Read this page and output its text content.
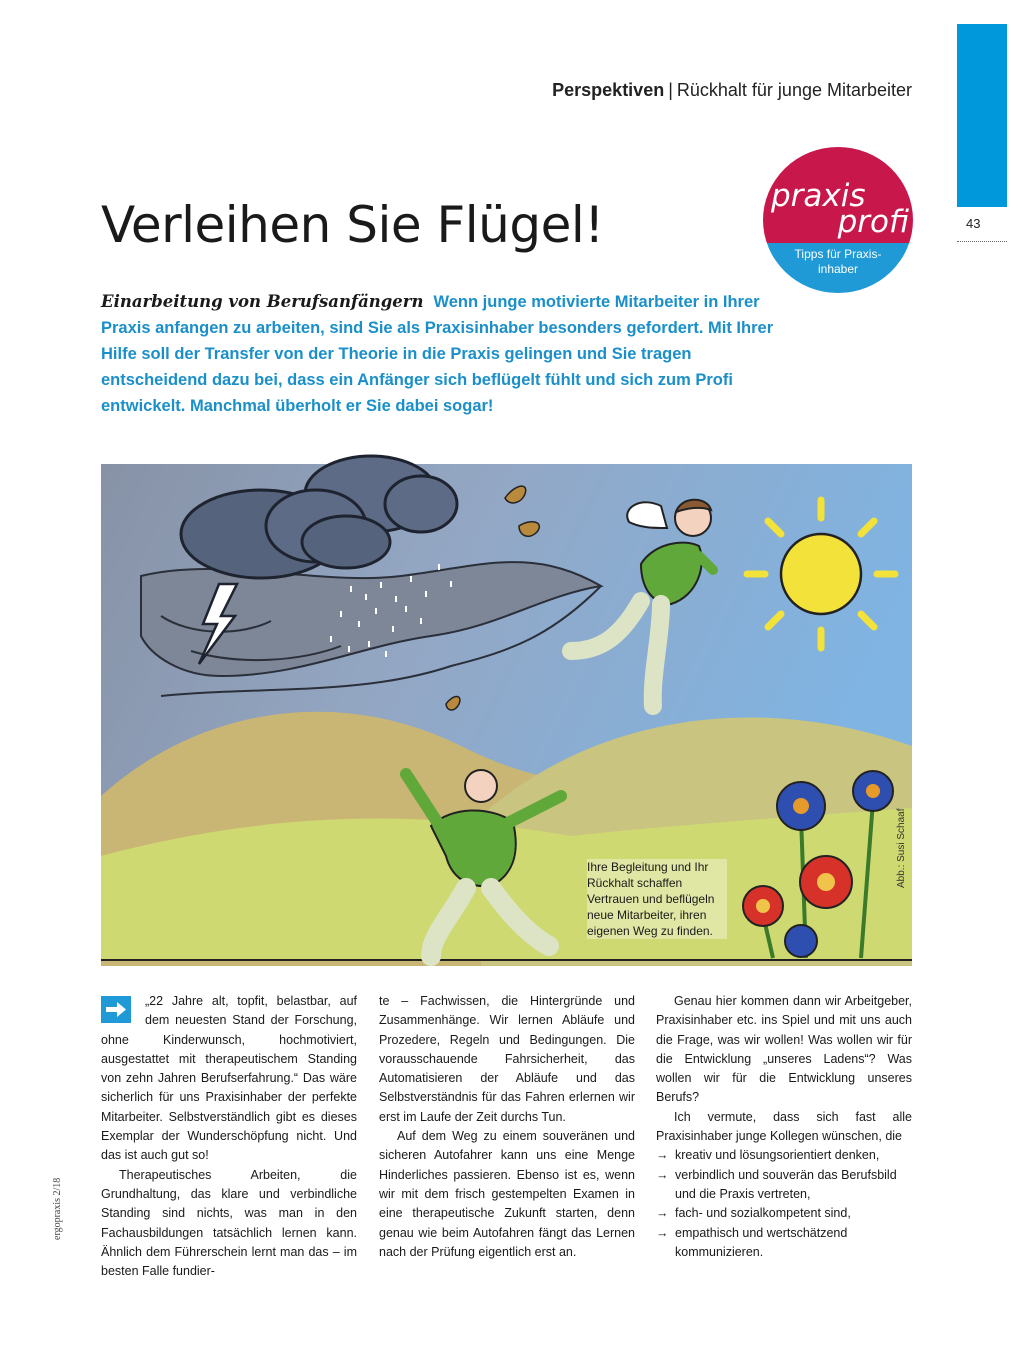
43
Perspektiven | Rückhalt für junge Mitarbeiter
praxis
profi
Tipps für Praxis-
inhaber
Verleihen Sie Flügel!
Einarbeitung von Berufsanfängern Wenn junge motivierte Mitarbeiter in Ihrer Praxis anfangen zu arbeiten, sind Sie als Praxisinhaber besonders gefordert. Mit Ihrer Hilfe soll der Transfer von der Theorie in die Praxis gelingen und Sie tragen entscheidend dazu bei, dass ein Anfänger sich beflügelt fühlt und sich zum Profi entwickelt. Manchmal überholt er Sie dabei sogar!
Ihre Begleitung und Ihr Rückhalt schaffen Vertrauen und beflügeln neue Mitarbeiter, ihren eigenen Weg zu finden.
Abb.: Susi Schaaf

„22 Jahre alt, topfit, belastbar, auf dem neuesten Stand der Forschung, ohne Kinderwunsch, hochmotiviert, ausgestattet mit therapeutischem Standing von zehn Jahren Berufserfahrung.“ Das wäre sicherlich für uns Praxisinhaber der perfekte Mitarbeiter. Selbstverständlich gibt es dieses Exemplar der Wunderschöpfung nicht. Und das ist auch gut so!

Therapeutisches Arbeiten, die Grundhaltung, das klare und verbindliche Standing sind nichts, was man in den Fachausbildungen tatsächlich lernen kann. Ähnlich dem Führerschein lernt man das – im besten Falle fundier-

te – Fachwissen, die Hintergründe und Zusammenhänge. Wir lernen Abläufe und Prozedere, Regeln und Bedingungen. Die vorausschauende Fahrsicherheit, das Automatisieren der Abläufe und das Selbstverständnis für das Fahren erlernen wir erst im Laufe der Zeit durchs Tun.

Auf dem Weg zu einem souveränen und sicheren Autofahrer kann uns eine Menge Hinderliches passieren. Ebenso ist es, wenn wir mit dem frisch gestempelten Examen in eine therapeutische Zukunft starten, denn genau wie beim Autofahren fängt das Lernen nach der Prüfung eigentlich erst an.

Genau hier kommen dann wir Arbeitgeber, Praxisinhaber etc. ins Spiel und mit uns auch die Frage, was wir wollen! Was wollen wir für die Entwicklung „unseres Ladens“? Was wollen wir für die Entwicklung unseres Berufs?

Ich vermute, dass sich fast alle Praxisinhaber junge Kollegen wünschen, die

→ kreativ und lösungsorientiert denken,
→ verbindlich und souverän das Berufsbild und die Praxis vertreten,
→ fach- und sozialkompetent sind,
→ empathisch und wertschätzend kommunizieren.
ergopraxis 2/18
